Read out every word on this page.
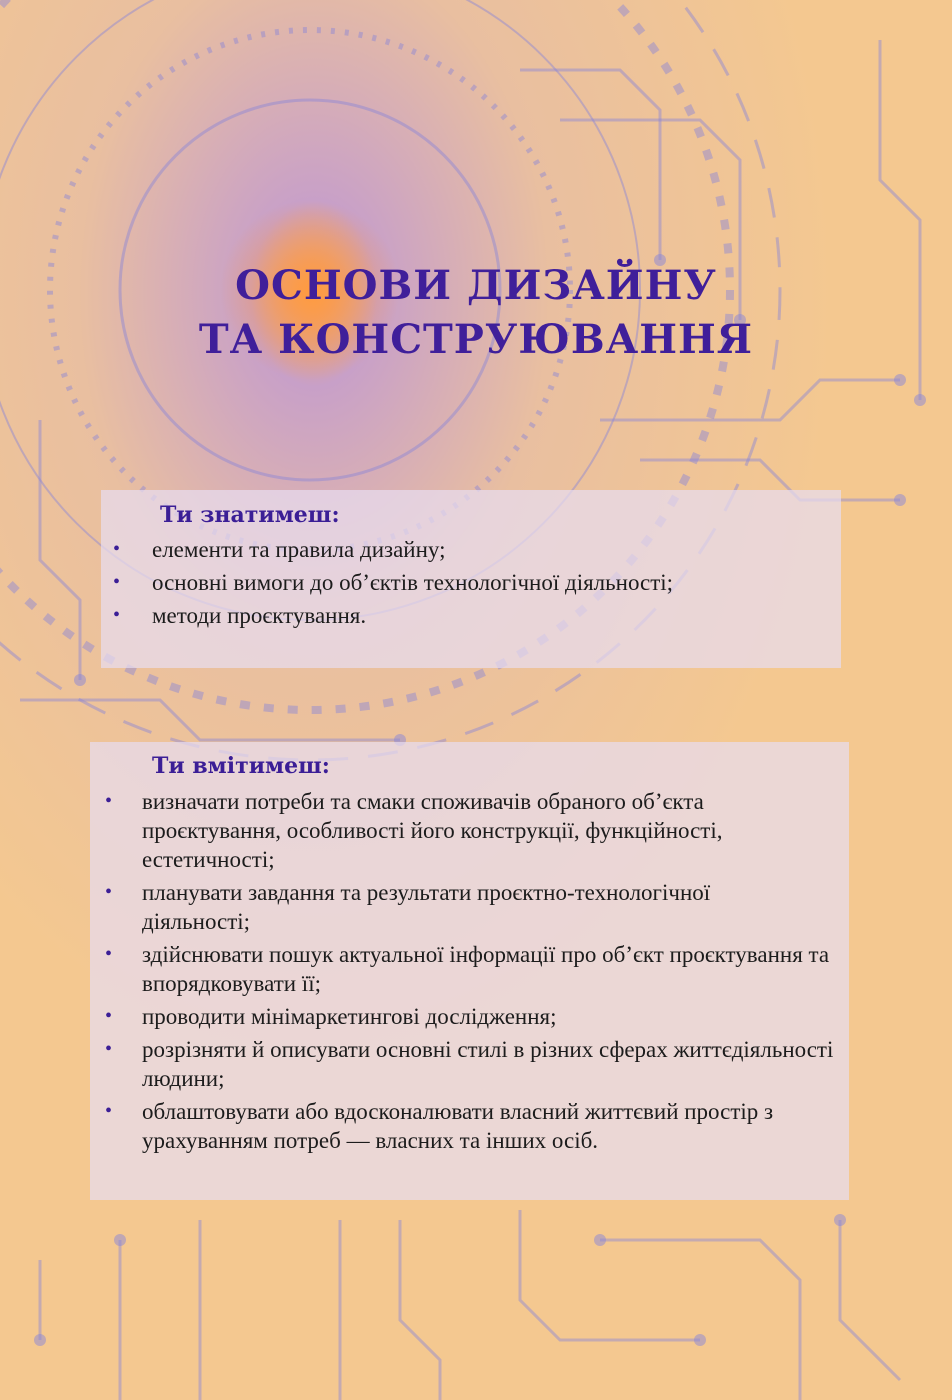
ОСНОВИ ДИЗАЙНУ
ТА КОНСТРУЮВАННЯ
Ти знатимеш:
• елементи та правила дизайну;
• основні вимоги до об’єктів технологічної діяльності;
• методи проєктування.
Ти вмітимеш:
• визначати потреби та смаки споживачів обраного об’єкта проєктування, особливості його конструкції, функційності, естетичності;
• планувати завдання та результати проєктно-технологічної діяльності;
• здійснювати пошук актуальної інформації про об’єкт проєктування та впорядковувати її;
• проводити мінімаркетингові дослідження;
• розрізняти й описувати основні стилі в різних сферах життєдіяльності людини;
• облаштовувати або вдосконалювати власний життєвий простір з урахуванням потреб — власних та інших осіб.
